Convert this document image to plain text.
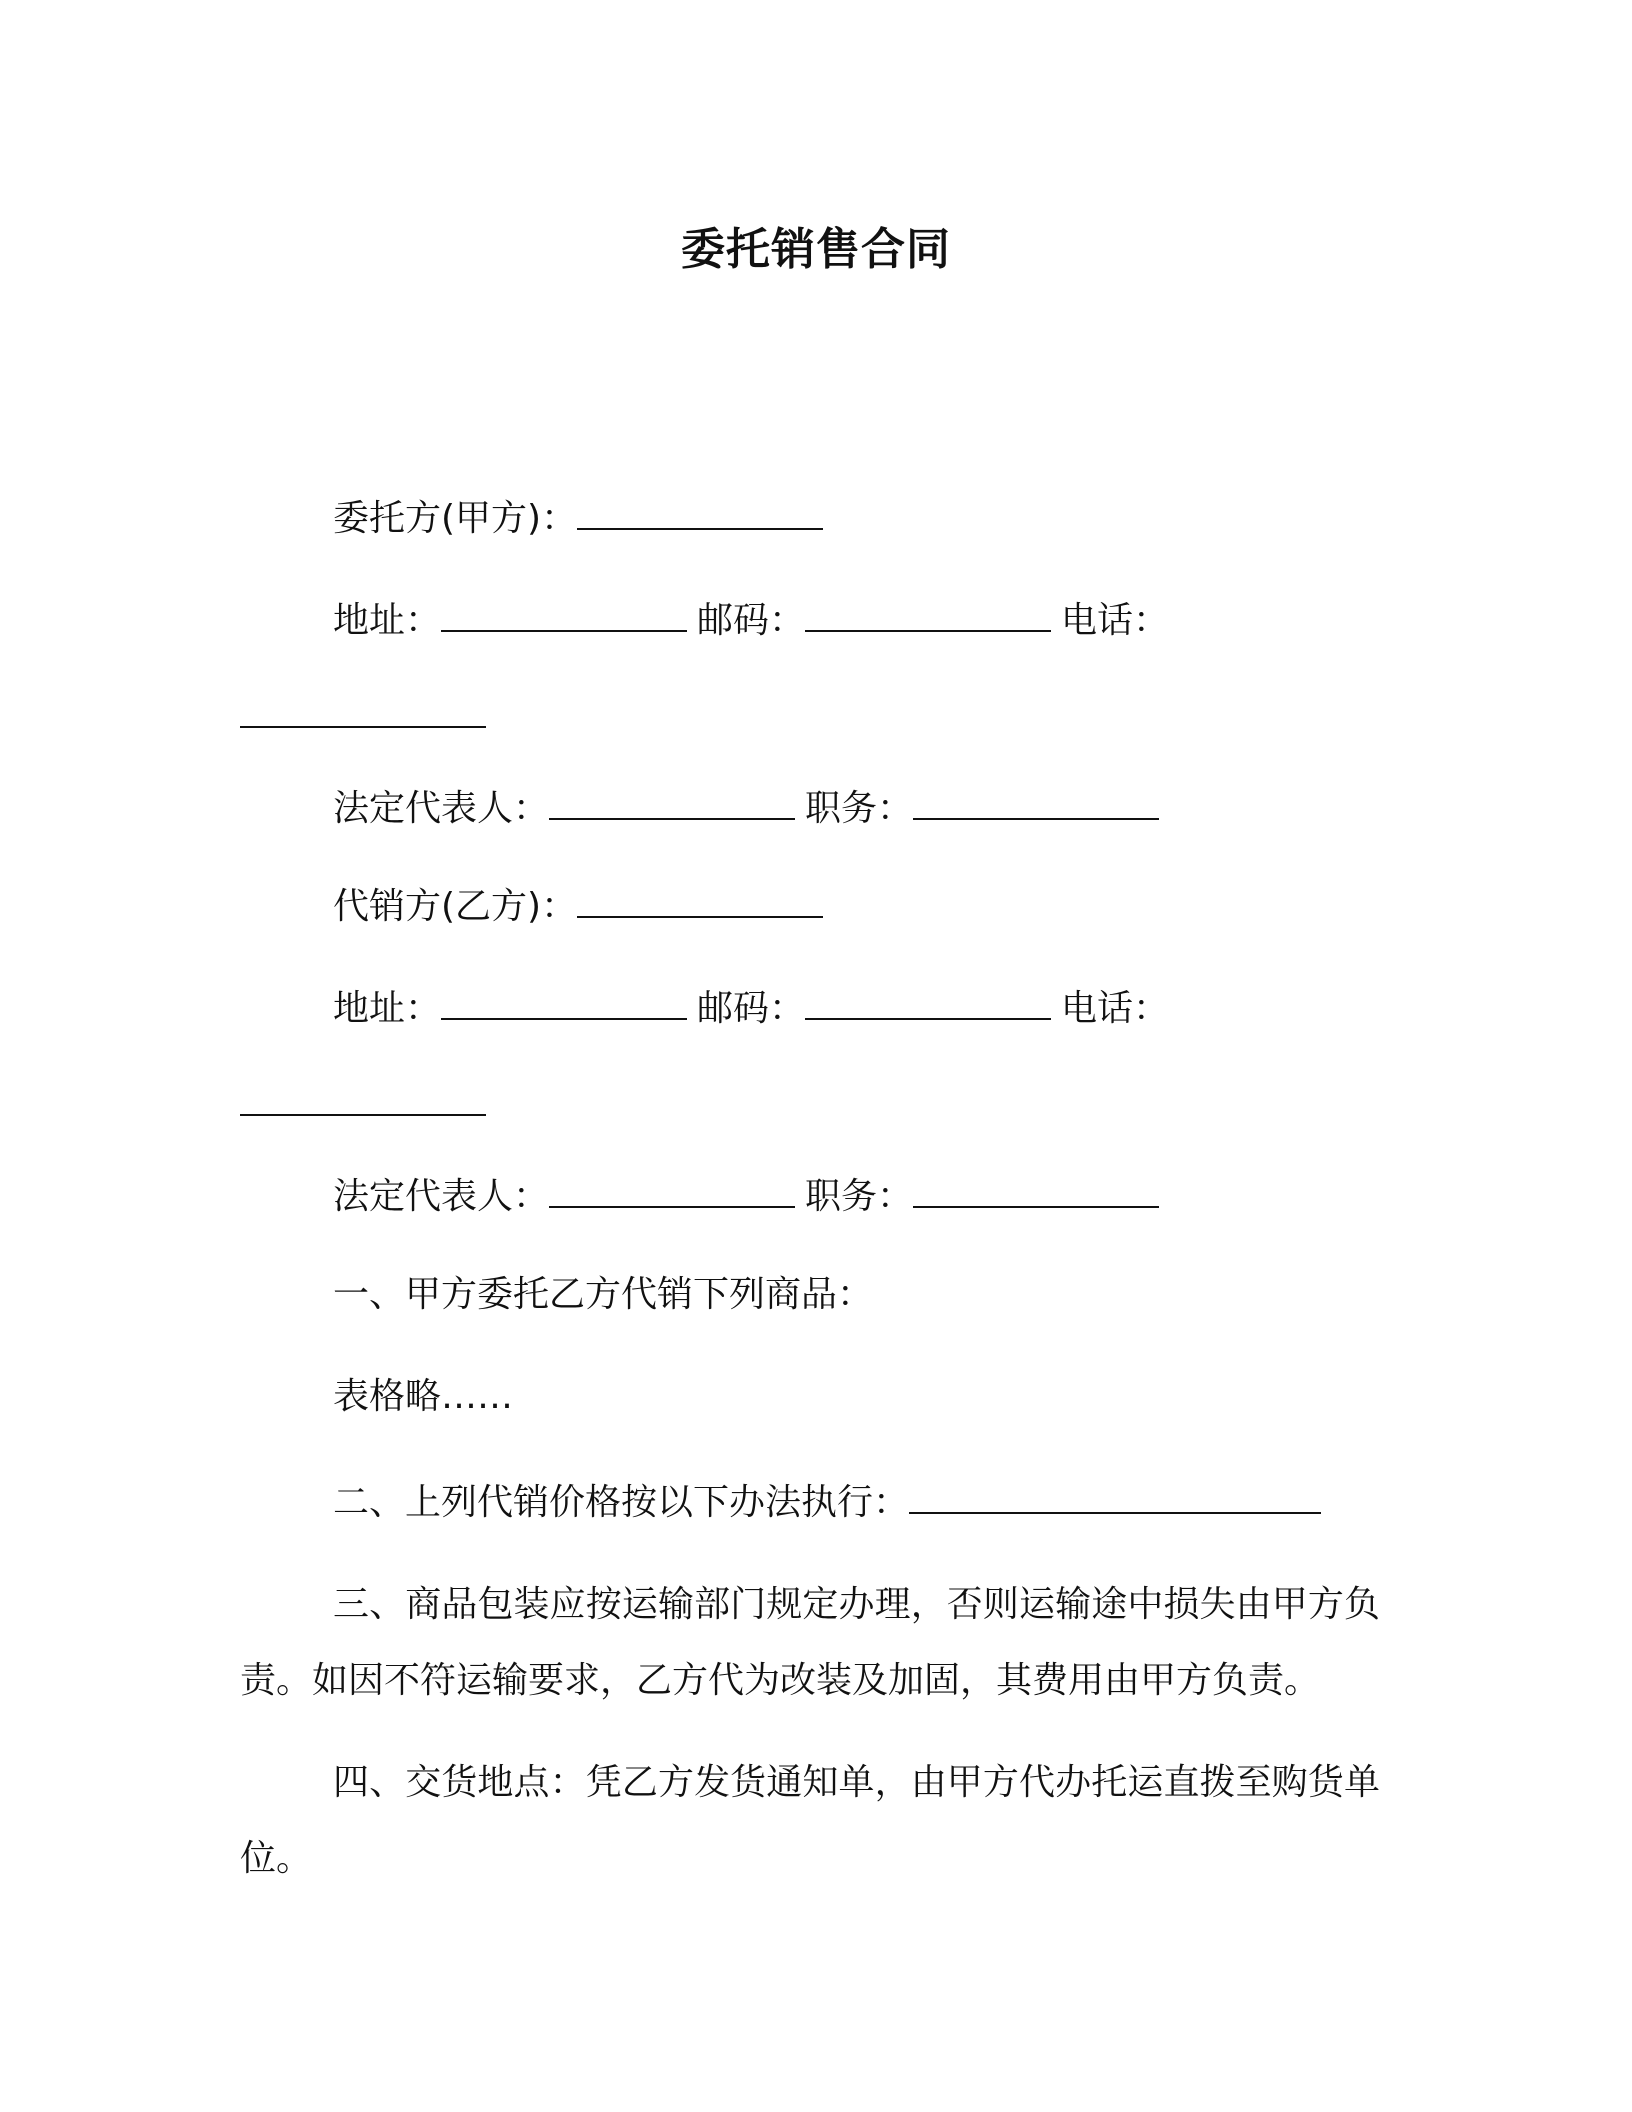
委托销售合同
委托方(甲方)：
地址：	邮码：	电话：
法定代表人：	职务：
代销方(乙方)：
地址：	邮码：	电话：
法定代表人：	职务：
一、甲方委托乙方代销下列商品：
表格略……
二、上列代销价格按以下办法执行：
三、商品包装应按运输部门规定办理，否则运输途中损失由甲方负责。如因不符运输要求，乙方代为改装及加固，其费用由甲方负责。
四、交货地点：凭乙方发货通知单，由甲方代办托运直拨至购货单位。
